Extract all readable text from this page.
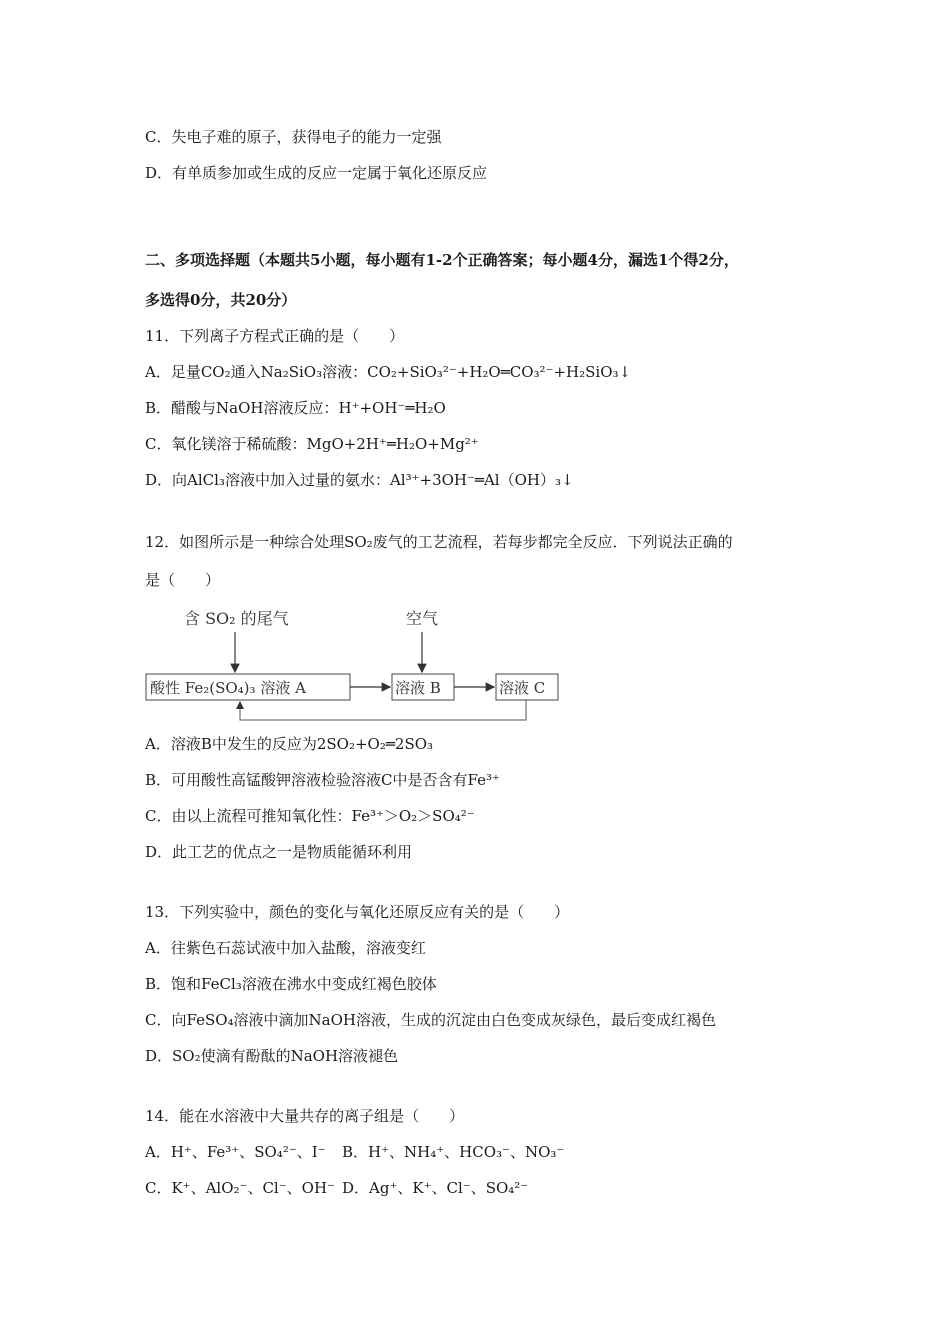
C．失电子难的原子，获得电子的能力一定强
D．有单质参加或生成的反应一定属于氧化还原反应
二、多项选择题（本题共5小题，每小题有1-2个正确答案；每小题4分，漏选1个得2分，
多选得0分，共20分）
11．下列离子方程式正确的是（　　）
A．足量CO₂通入Na₂SiO₃溶液：CO₂+SiO₃²⁻+H₂O═CO₃²⁻+H₂SiO₃↓
B．醋酸与NaOH溶液反应：H⁺+OH⁻═H₂O
C．氧化镁溶于稀硫酸：MgO+2H⁺═H₂O+Mg²⁺
D．向AlCl₃溶液中加入过量的氨水：Al³⁺+3OH⁻═Al（OH）₃↓
12．如图所示是一种综合处理SO₂废气的工艺流程，若每步都完全反应．下列说法正确的
是（　　）
含 SO₂ 的尾气	空气
酸性 Fe₂(SO₄)₃ 溶液 A	溶液 B	溶液 C
A．溶液B中发生的反应为2SO₂+O₂═2SO₃
B．可用酸性高锰酸钾溶液检验溶液C中是否含有Fe³⁺
C．由以上流程可推知氧化性：Fe³⁺＞O₂＞SO₄²⁻
D．此工艺的优点之一是物质能循环利用
13．下列实验中，颜色的变化与氧化还原反应有关的是（　　）
A．往紫色石蕊试液中加入盐酸，溶液变红
B．饱和FeCl₃溶液在沸水中变成红褐色胶体
C．向FeSO₄溶液中滴加NaOH溶液，生成的沉淀由白色变成灰绿色，最后变成红褐色
D．SO₂使滴有酚酞的NaOH溶液褪色
14．能在水溶液中大量共存的离子组是（　　）
A．H⁺、Fe³⁺、SO₄²⁻、I⁻ B．H⁺、NH₄⁺、HCO₃⁻、NO₃⁻
C．K⁺、AlO₂⁻、Cl⁻、OH⁻ D．Ag⁺、K⁺、Cl⁻、SO₄²⁻
